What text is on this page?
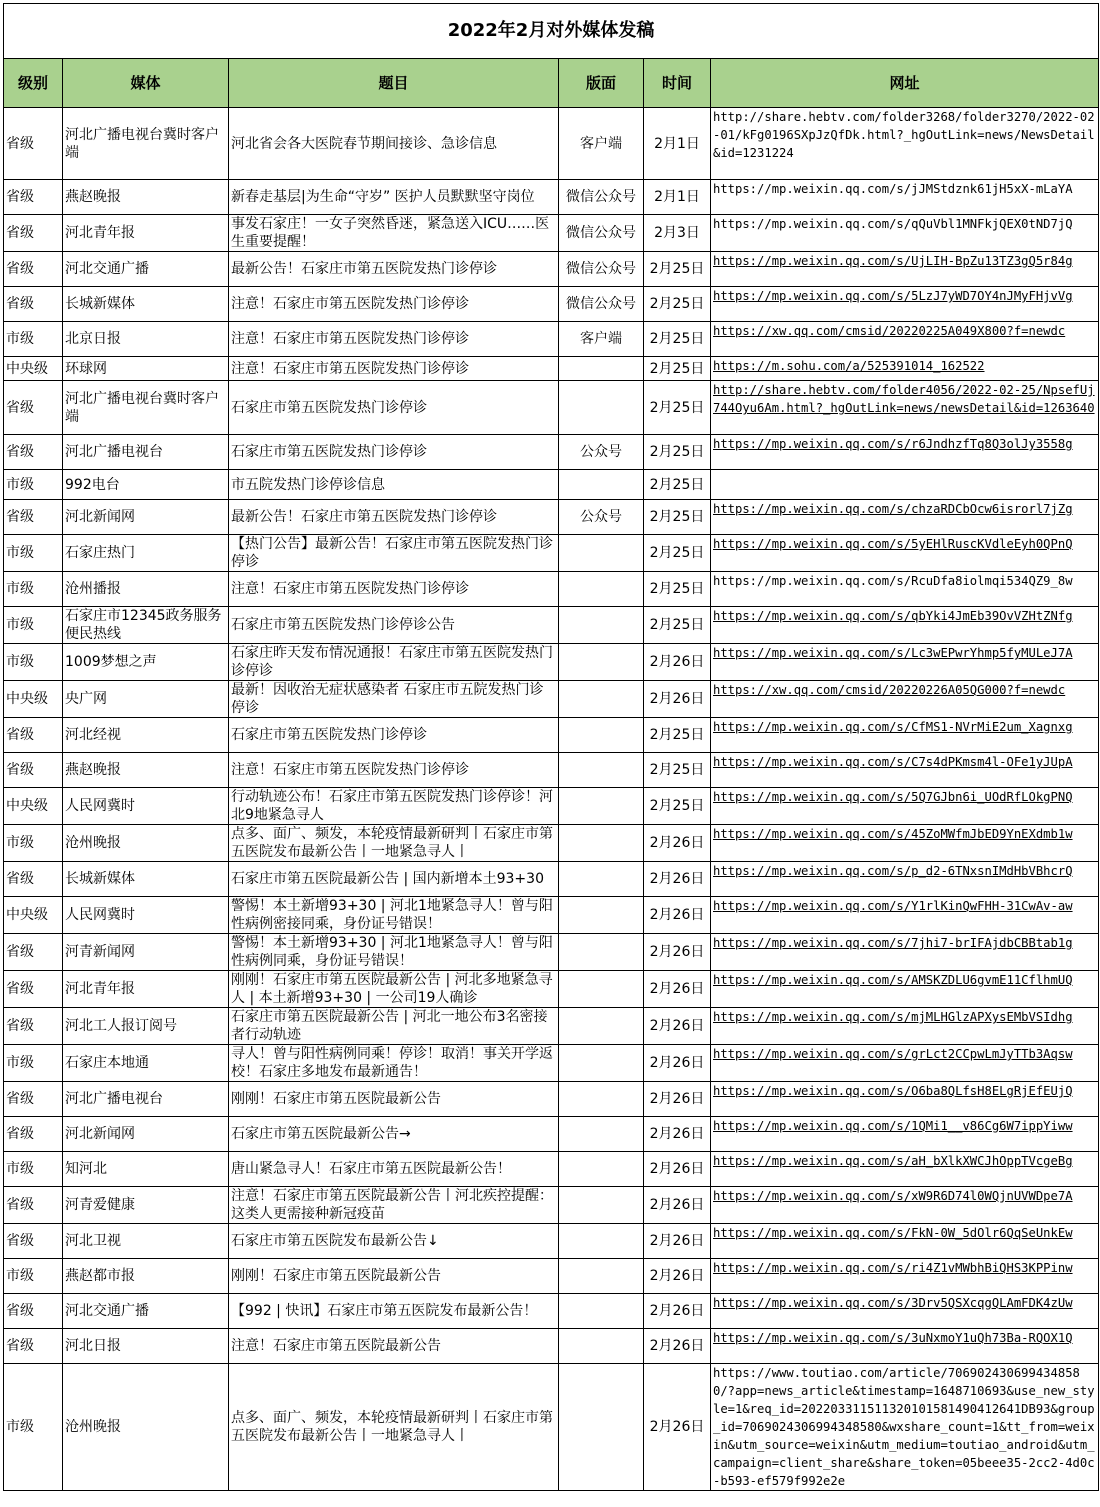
2022年2月对外媒体发稿					
级别	媒体	题目	版面	时间	网址
省级	河北广播电视台冀时客户端	河北省会各大医院春节期间接诊、急诊信息	客户端	2月1日	http://share.hebtv.com/folder3268/folder3270/2022-02-01/kFg0196SXpJzQfDk.html?_hgOutLink=news/NewsDetail&id=1231224
省级	燕赵晚报	新春走基层|为生命“守岁” 医护人员默默坚守岗位	微信公众号	2月1日	https://mp.weixin.qq.com/s/jJMStdznk61jH5xX-mLaYA
省级	河北青年报	事发石家庄！一女子突然昏迷，紧急送入ICU……医生重要提醒！	微信公众号	2月3日	https://mp.weixin.qq.com/s/qQuVbl1MNFkjQEX0tND7jQ
省级	河北交通广播	最新公告！石家庄市第五医院发热门诊停诊	微信公众号	2月25日	https://mp.weixin.qq.com/s/UjLIH-BpZu13TZ3gQ5r84g
省级	长城新媒体	注意！石家庄市第五医院发热门诊停诊	微信公众号	2月25日	https://mp.weixin.qq.com/s/5LzJ7yWD7OY4nJMyFHjvVg
市级	北京日报	注意！石家庄市第五医院发热门诊停诊	客户端	2月25日	https://xw.qq.com/cmsid/20220225A049X800?f=newdc
中央级	环球网	注意！石家庄市第五医院发热门诊停诊		2月25日	https://m.sohu.com/a/525391014_162522
省级	河北广播电视台冀时客户端	石家庄市第五医院发热门诊停诊		2月25日	http://share.hebtv.com/folder4056/2022-02-25/NpsefUj744Oyu6Am.html?_hgOutLink=news/newsDetail&id=1263640
省级	河北广播电视台	石家庄市第五医院发热门诊停诊	公众号	2月25日	https://mp.weixin.qq.com/s/r6JndhzfTq8Q3olJy3558g
市级	992电台	市五院发热门诊停诊信息		2月25日	
省级	河北新闻网	最新公告！石家庄市第五医院发热门诊停诊	公众号	2月25日	https://mp.weixin.qq.com/s/chzaRDCbOcw6isrorl7jZg
市级	石家庄热门	【热门公告】最新公告！石家庄市第五医院发热门诊停诊		2月25日	https://mp.weixin.qq.com/s/5yEHlRuscKVdleEyh0QPnQ
市级	沧州播报	注意！石家庄市第五医院发热门诊停诊		2月25日	https://mp.weixin.qq.com/s/RcuDfa8iolmqi534QZ9_8w
市级	石家庄市12345政务服务便民热线	石家庄市第五医院发热门诊停诊公告		2月25日	https://mp.weixin.qq.com/s/qbYki4JmEb39OvVZHtZNfg
市级	1009梦想之声	石家庄昨天发布情况通报！石家庄市第五医院发热门诊停诊		2月26日	https://mp.weixin.qq.com/s/Lc3wEPwrYhmp5fyMULeJ7A
中央级	央广网	最新！因收治无症状感染者 石家庄市五院发热门诊停诊		2月26日	https://xw.qq.com/cmsid/20220226A05QG000?f=newdc
省级	河北经视	石家庄市第五医院发热门诊停诊		2月25日	https://mp.weixin.qq.com/s/CfMS1-NVrMiE2um_Xagnxg
省级	燕赵晚报	注意！石家庄市第五医院发热门诊停诊		2月25日	https://mp.weixin.qq.com/s/C7s4dPKmsm4l-OFe1yJUpA
中央级	人民网冀时	行动轨迹公布！石家庄市第五医院发热门诊停诊！河北9地紧急寻人		2月25日	https://mp.weixin.qq.com/s/5Q7GJbn6i_UOdRfLOkgPNQ
市级	沧州晚报	点多、面广、频发，本轮疫情最新研判丨石家庄市第五医院发布最新公告丨一地紧急寻人丨		2月26日	https://mp.weixin.qq.com/s/45ZoMWfmJbED9YnEXdmb1w
省级	长城新媒体	石家庄市第五医院最新公告 | 国内新增本土93+30		2月26日	https://mp.weixin.qq.com/s/p_d2-6TNxsnIMdHbVBhcrQ
中央级	人民网冀时	警惕！本土新增93+30 | 河北1地紧急寻人！曾与阳性病例密接同乘，身份证号错误！		2月26日	https://mp.weixin.qq.com/s/Y1rlKinQwFHH-31CwAv-aw
省级	河青新闻网	警惕！本土新增93+30 | 河北1地紧急寻人！曾与阳性病例同乘，身份证号错误！		2月26日	https://mp.weixin.qq.com/s/7jhi7-brIFAjdbCBBtab1g
省级	河北青年报	刚刚！石家庄市第五医院最新公告 | 河北多地紧急寻人 | 本土新增93+30 | 一公司19人确诊		2月26日	https://mp.weixin.qq.com/s/AMSKZDLU6gvmE11CflhmUQ
省级	河北工人报订阅号	石家庄市第五医院最新公告 | 河北一地公布3名密接者行动轨迹		2月26日	https://mp.weixin.qq.com/s/mjMLHGlzAPXysEMbVSIdhg
市级	石家庄本地通	寻人！曾与阳性病例同乘！停诊！取消！事关开学返校！石家庄多地发布最新通告！		2月26日	https://mp.weixin.qq.com/s/grLct2CCpwLmJyTTb3Aqsw
省级	河北广播电视台	刚刚！石家庄市第五医院最新公告		2月26日	https://mp.weixin.qq.com/s/O6ba8QLfsH8ELgRjEfEUjQ
省级	河北新闻网	石家庄市第五医院最新公告→		2月26日	https://mp.weixin.qq.com/s/1QMi1__v86Cg6W7ippYiww
市级	知河北	唐山紧急寻人！石家庄市第五医院最新公告！		2月26日	https://mp.weixin.qq.com/s/aH_bXlkXWCJhOppTVcgeBg
省级	河青爱健康	注意！石家庄市第五医院最新公告丨河北疾控提醒：这类人更需接种新冠疫苗		2月26日	https://mp.weixin.qq.com/s/xW9R6D74l0WQjnUVWDpe7A
省级	河北卫视	石家庄市第五医院发布最新公告↓		2月26日	https://mp.weixin.qq.com/s/FkN-0W_5dOlr6QqSeUnkEw
市级	燕赵都市报	刚刚！石家庄市第五医院最新公告		2月26日	https://mp.weixin.qq.com/s/ri4Z1vMWbhBiQHS3KPPinw
省级	河北交通广播	【992 | 快讯】石家庄市第五医院发布最新公告！		2月26日	https://mp.weixin.qq.com/s/3Drv5QSXcqgQLAmFDK4zUw
省级	河北日报	注意！石家庄市第五医院最新公告		2月26日	https://mp.weixin.qq.com/s/3uNxmoY1uQh73Ba-RQOX1Q
市级	沧州晚报	点多、面广、频发，本轮疫情最新研判丨石家庄市第五医院发布最新公告丨一地紧急寻人丨		2月26日	https://www.toutiao.com/article/7069024306994348580/?app=news_article&timestamp=1648710693&use_new_style=1&req_id=202203311511320101581490412641DB93&group_id=7069024306994348580&wxshare_count=1&tt_from=weixin&utm_source=weixin&utm_medium=toutiao_android&utm_campaign=client_share&share_token=05beee35-2cc2-4d0c-b593-ef579f992e2e
